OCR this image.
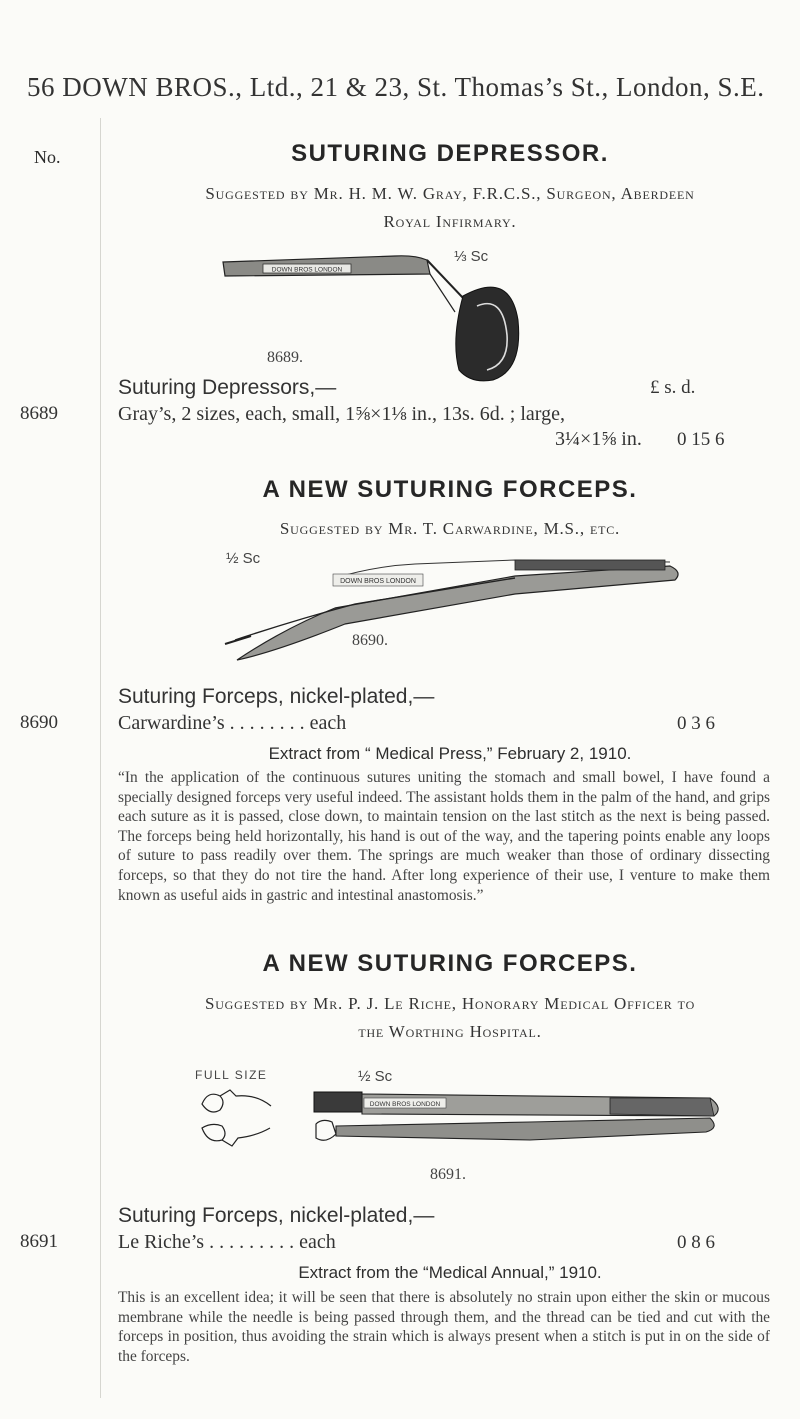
56 DOWN BROS., Ltd., 21 & 23, St. Thomas’s St., London, S.E.
No.	SUTURING DEPRESSOR.
Suggested by Mr. H. M. W. Gray, F.R.C.S., Surgeon, Aberdeen
Royal Infirmary.
DOWN BROS LONDON
⅓ Sc
8689.
Suturing Depressors,—	£ s. d.
8689	Gray’s, 2 sizes, each, small, 1⅝×1⅛ in., 13s. 6d. ; large,
3¼×1⅝ in. 0 15 6
A NEW SUTURING FORCEPS.
Suggested by Mr. T. Carwardine, M.S., etc.
DOWN BROS LONDON
½ Sc
8690.
Suturing Forceps, nickel-plated,—
8690	Carwardine’s . . . . . . . . each	0 3 6
Extract from “ Medical Press,” February 2, 1910.
“In the application of the continuous sutures uniting the stomach and small bowel, I have found a specially designed forceps very useful indeed. The assistant holds them in the palm of the hand, and grips each suture as it is passed, close down, to maintain tension on the last stitch as the next is being passed. The forceps being held horizontally, his hand is out of the way, and the tapering points enable any loops of suture to pass readily over them. The springs are much weaker than those of ordinary dissecting forceps, so that they do not tire the hand. After long experience of their use, I venture to make them known as useful aids in gastric and intestinal anastomosis.”
A NEW SUTURING FORCEPS.
Suggested by Mr. P. J. Le Riche, Honorary Medical Officer to
the Worthing Hospital.
FULL SIZE	½ Sc
DOWN BROS LONDON
8691.
Suturing Forceps, nickel-plated,—
8691	Le Riche’s . . . . . . . . . each	0 8 6
Extract from the “Medical Annual,” 1910.
This is an excellent idea; it will be seen that there is absolutely no strain upon either the skin or mucous membrane while the needle is being passed through them, and the thread can be tied and cut with the forceps in position, thus avoiding the strain which is always present when a stitch is put in on the side of the forceps.
